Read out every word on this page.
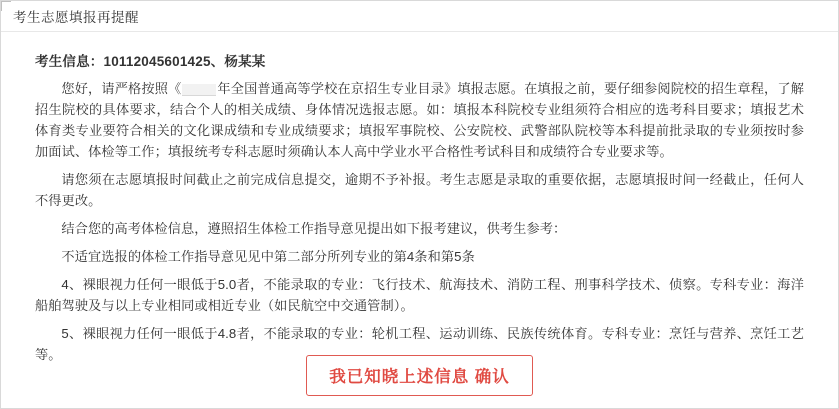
考生志愿填报再提醒
考生信息：10112045601425、杨某某

您好，请严格按照《	年全国普通高等学校在京招生专业目录》填报志愿。在填报之前，要仔细参阅院校的招生章程，了解招生院校的具体要求，结合个人的相关成绩、身体情况选报志愿。如：填报本科院校专业组须符合相应的选考科目要求；填报艺术体育类专业要符合相关的文化课成绩和专业成绩要求；填报军事院校、公安院校、武警部队院校等本科提前批录取的专业须按时参加面试、体检等工作；填报统考专科志愿时须确认本人高中学业水平合格性考试科目和成绩符合专业要求等。

请您须在志愿填报时间截止之前完成信息提交，逾期不予补报。考生志愿是录取的重要依据，志愿填报时间一经截止，任何人不得更改。

结合您的高考体检信息，遵照招生体检工作指导意见提出如下报考建议，供考生参考：

不适宜选报的体检工作指导意见见中第二部分所列专业的第4条和第5条

4、裸眼视力任何一眼低于5.0者，不能录取的专业：飞行技术、航海技术、消防工程、刑事科学技术、侦察。专科专业：海洋船舶驾驶及与以上专业相同或相近专业（如民航空中交通管制）。

5、裸眼视力任何一眼低于4.8者，不能录取的专业：轮机工程、运动训练、民族传统体育。专科专业：烹饪与营养、烹饪工艺等。

我已知晓上述信息 确认
